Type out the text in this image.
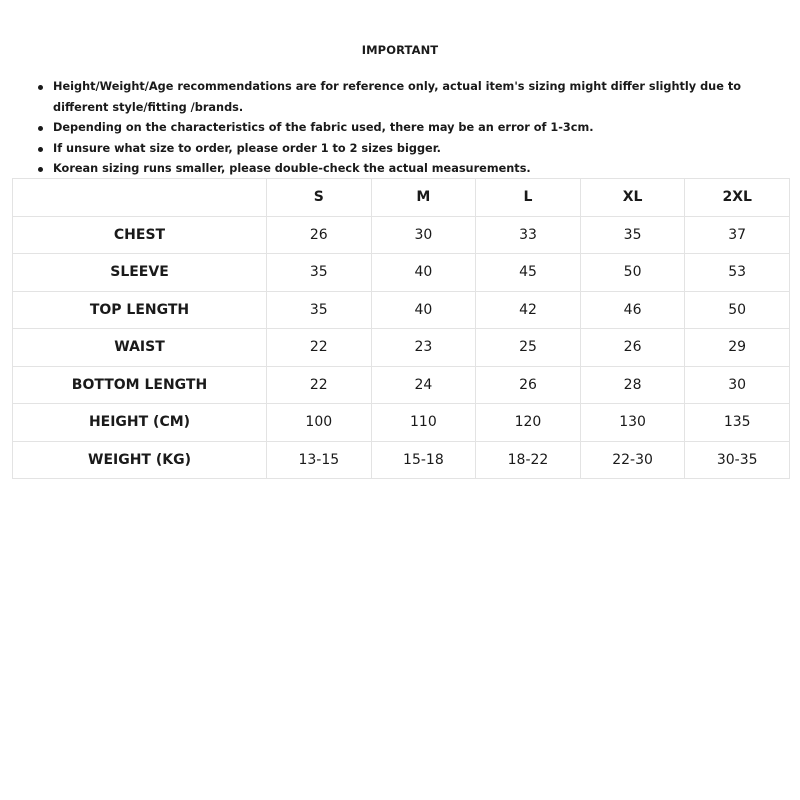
IMPORTANT
Height/Weight/Age recommendations are for reference only, actual item's sizing might differ slightly due to different style/fitting /brands.
Depending on the characteristics of the fabric used, there may be an error of 1-3cm.
If unsure what size to order, please order 1 to 2 sizes bigger.
Korean sizing runs smaller, please double-check the actual measurements.
	S	M	L	XL	2XL
CHEST	26	30	33	35	37
SLEEVE	35	40	45	50	53
TOP LENGTH	35	40	42	46	50
WAIST	22	23	25	26	29
BOTTOM LENGTH	22	24	26	28	30
HEIGHT (CM)	100	110	120	130	135
WEIGHT (KG)	13-15	15-18	18-22	22-30	30-35
